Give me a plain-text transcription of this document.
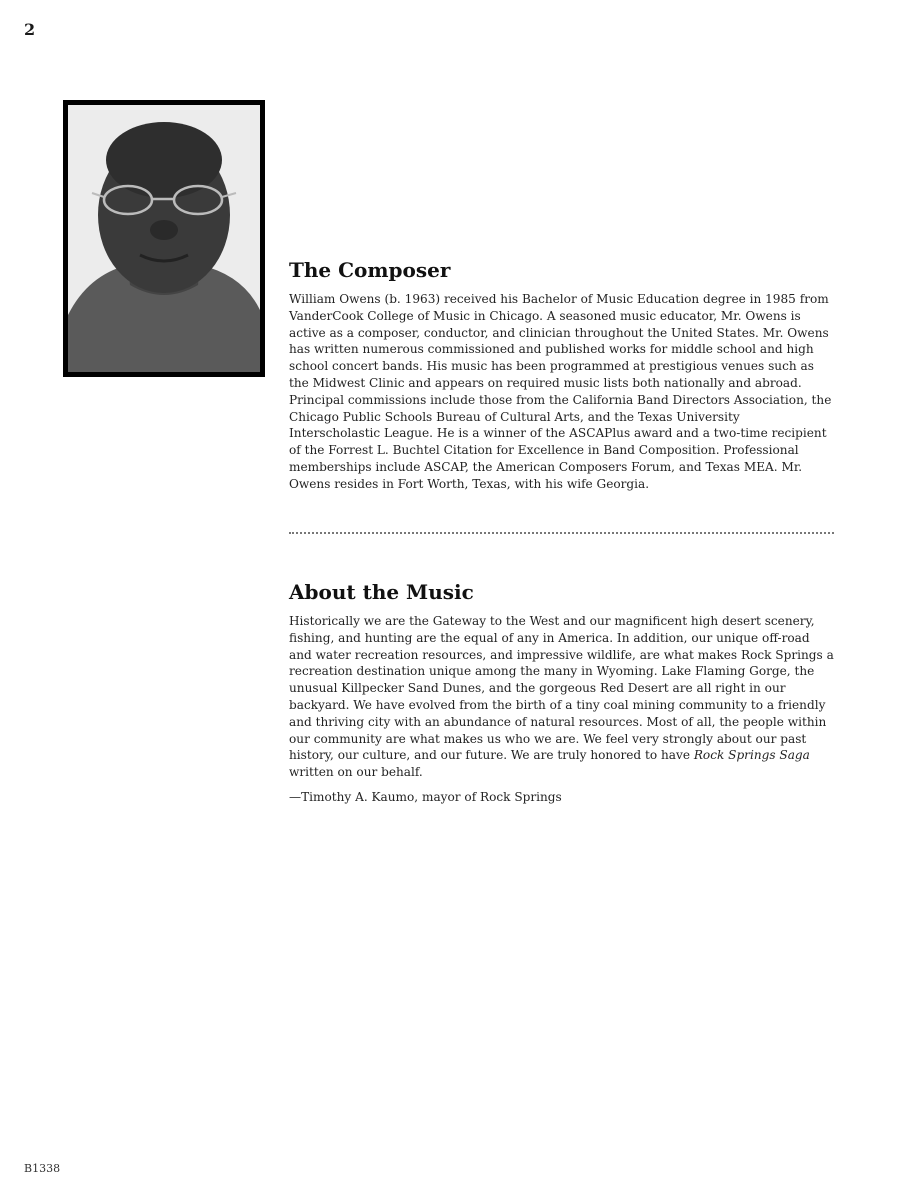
2
The Composer

William Owens (b. 1963) received his Bachelor of Music Education degree in 1985 from VanderCook College of Music in Chicago. A seasoned music educator, Mr. Owens is active as a composer, conductor, and clinician throughout the United States. Mr. Owens has written numerous commissioned and published works for middle school and high school concert bands. His music has been programmed at prestigious venues such as the Midwest Clinic and appears on required music lists both nationally and abroad. Principal commissions include those from the California Band Directors Association, the Chicago Public Schools Bureau of Cultural Arts, and the Texas University Interscholastic League. He is a winner of the ASCAPlus award and a two-time recipient of the Forrest L. Buchtel Citation for Excellence in Band Composition. Professional memberships include ASCAP, the American Composers Forum, and Texas MEA. Mr. Owens resides in Fort Worth, Texas, with his wife Georgia.

About the Music

Historically we are the Gateway to the West and our magnificent high desert scenery, fishing, and hunting are the equal of any in America. In addition, our unique off-road and water recreation resources, and impressive wildlife, are what makes Rock Springs a recreation destination unique among the many in Wyoming. Lake Flaming Gorge, the unusual Killpecker Sand Dunes, and the gorgeous Red Desert are all right in our backyard. We have evolved from the birth of a tiny coal mining community to a friendly and thriving city with an abundance of natural resources. Most of all, the people within our community are what makes us who we are. We feel very strongly about our past history, our culture, and our future. We are truly honored to have Rock Springs Saga written on our behalf.

—Timothy A. Kaumo, mayor of Rock Springs

B1338
